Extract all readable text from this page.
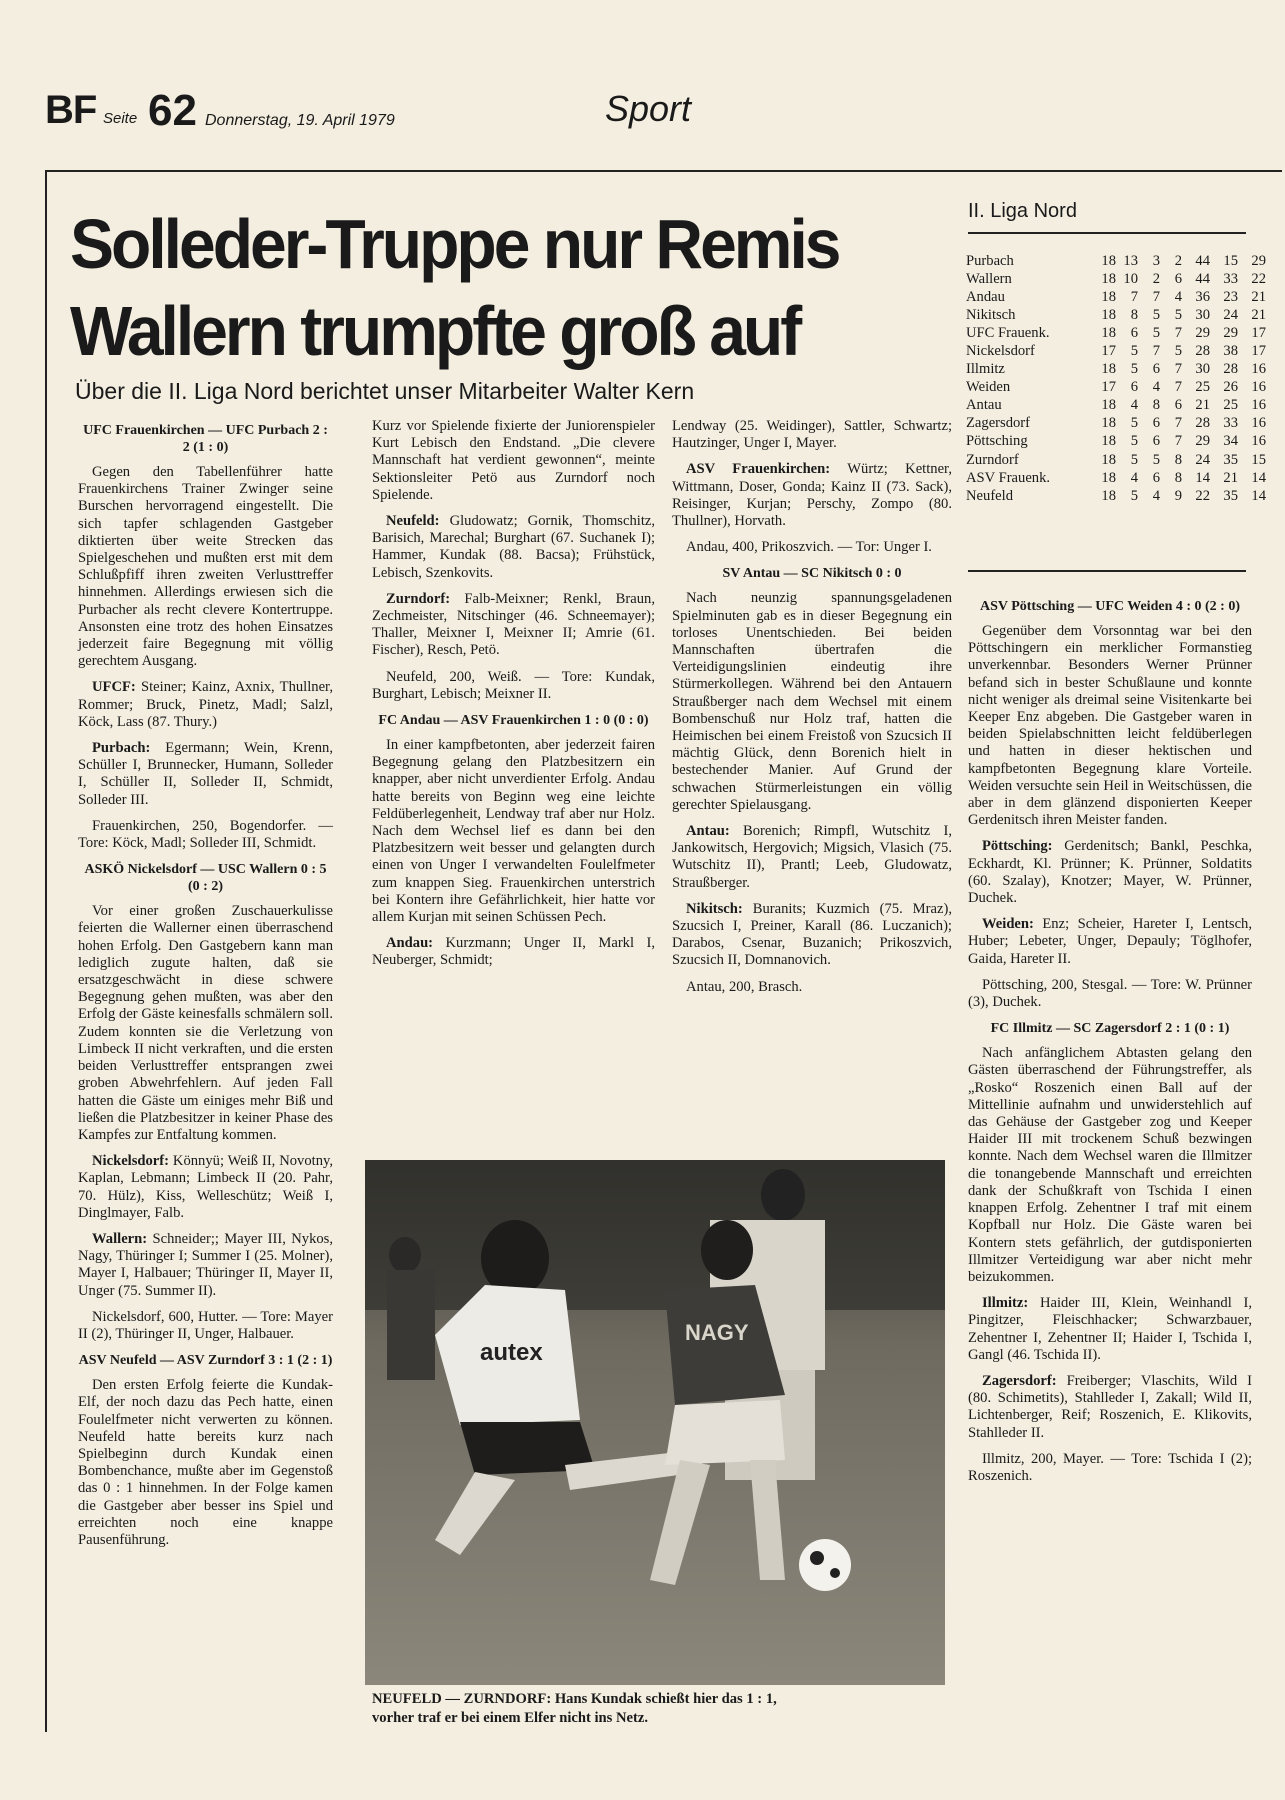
BF Seite 62 Donnerstag, 19. April 1979	Sport
Solleder-Truppe nur Remis
Wallern trumpfte groß auf
Über die II. Liga Nord berichtet unser Mitarbeiter Walter Kern
II. Liga Nord
Purbach	18	13	3	2	44	15	29
Wallern	18	10	2	6	44	33	22
Andau	18	7	7	4	36	23	21
Nikitsch	18	8	5	5	30	24	21
UFC Frauenk.	18	6	5	7	29	29	17
Nickelsdorf	17	5	7	5	28	38	17
Illmitz	18	5	6	7	30	28	16
Weiden	17	6	4	7	25	26	16
Antau	18	4	8	6	21	25	16
Zagersdorf	18	5	6	7	28	33	16
Pöttsching	18	5	6	7	29	34	16
Zurndorf	18	5	5	8	24	35	15
ASV Frauenk.	18	4	6	8	14	21	14
Neufeld	18	5	4	9	22	35	14
UFC Frauenkirchen — UFC Purbach 2 : 2 (1 : 0)

Gegen den Tabellenführer hatte Frauenkirchens Trainer Zwinger seine Burschen hervorragend eingestellt. Die sich tapfer schlagenden Gastgeber diktierten über weite Strecken das Spielgeschehen und mußten erst mit dem Schlußpfiff ihren zweiten Verlusttreffer hinnehmen. Allerdings erwiesen sich die Purbacher als recht clevere Kontertruppe. Ansonsten eine trotz des hohen Einsatzes jederzeit faire Begegnung mit völlig gerechtem Ausgang.

UFCF: Steiner; Kainz, Axnix, Thullner, Rommer; Bruck, Pinetz, Madl; Salzl, Köck, Lass (87. Thury.)

Purbach: Egermann; Wein, Krenn, Schüller I, Brunnecker, Humann, Solleder I, Schüller II, Solleder II, Schmidt, Solleder III.

Frauenkirchen, 250, Bogendorfer. — Tore: Köck, Madl; Solleder III, Schmidt.

ASKÖ Nickelsdorf — USC Wallern 0 : 5 (0 : 2)

Vor einer großen Zuschauerkulisse feierten die Wallerner einen überraschend hohen Erfolg. Den Gastgebern kann man lediglich zugute halten, daß sie ersatzgeschwächt in diese schwere Begegnung gehen mußten, was aber den Erfolg der Gäste keinesfalls schmälern soll. Zudem konnten sie die Verletzung von Limbeck II nicht verkraften, und die ersten beiden Verlusttreffer entsprangen zwei groben Abwehrfehlern. Auf jeden Fall hatten die Gäste um einiges mehr Biß und ließen die Platzbesitzer in keiner Phase des Kampfes zur Entfaltung kommen.

Nickelsdorf: Könnyü; Weiß II, Novotny, Kaplan, Lebmann; Limbeck II (20. Pahr, 70. Hülz), Kiss, Welleschütz; Weiß I, Dinglmayer, Falb.

Wallern: Schneider;; Mayer III, Nykos, Nagy, Thüringer I; Summer I (25. Molner), Mayer I, Halbauer; Thüringer II, Mayer II, Unger (75. Summer II).

Nickelsdorf, 600, Hutter. — Tore: Mayer II (2), Thüringer II, Unger, Halbauer.

ASV Neufeld — ASV Zurndorf 3 : 1 (2 : 1)

Den ersten Erfolg feierte die Kundak-Elf, der noch dazu das Pech hatte, einen Foulelfmeter nicht verwerten zu können. Neufeld hatte bereits kurz nach Spielbeginn durch Kundak einen Bombenchance, mußte aber im Gegenstoß das 0 : 1 hinnehmen. In der Folge kamen die Gastgeber aber besser ins Spiel und erreichten noch eine knappe Pausenführung.

Kurz vor Spielende fixierte der Juniorenspieler Kurt Lebisch den Endstand. „Die clevere Mannschaft hat verdient gewonnen“, meinte Sektionsleiter Petö aus Zurndorf noch Spielende.

Neufeld: Gludowatz; Gornik, Thomschitz, Barisich, Marechal; Burghart (67. Suchanek I); Hammer, Kundak (88. Bacsa); Frühstück, Lebisch, Szenkovits.

Zurndorf: Falb-Meixner; Renkl, Braun, Zechmeister, Nitschinger (46. Schneemayer); Thaller, Meixner I, Meixner II; Amrie (61. Fischer), Resch, Petö.

Neufeld, 200, Weiß. — Tore: Kundak, Burghart, Lebisch; Meixner II.

FC Andau — ASV Frauenkirchen 1 : 0 (0 : 0)

In einer kampfbetonten, aber jederzeit fairen Begegnung gelang den Platzbesitzern ein knapper, aber nicht unverdienter Erfolg. Andau hatte bereits von Beginn weg eine leichte Feldüberlegenheit, Lendway traf aber nur Holz. Nach dem Wechsel lief es dann bei den Platzbesitzern weit besser und gelangten durch einen von Unger I verwandelten Foulelfmeter zum knappen Sieg. Frauenkirchen unterstrich bei Kontern ihre Gefährlichkeit, hier hatte vor allem Kurjan mit seinen Schüssen Pech.

Andau: Kurzmann; Unger II, Markl I, Neuberger, Schmidt;

Lendway (25. Weidinger), Sattler, Schwartz; Hautzinger, Unger I, Mayer.

ASV Frauenkirchen: Würtz; Kettner, Wittmann, Doser, Gonda; Kainz II (73. Sack), Reisinger, Kurjan; Perschy, Zompo (80. Thullner), Horvath.

Andau, 400, Prikoszvich. — Tor: Unger I.

SV Antau — SC Nikitsch 0 : 0

Nach neunzig spannungsgeladenen Spielminuten gab es in dieser Begegnung ein torloses Unentschieden. Bei beiden Mannschaften übertrafen die Verteidigungslinien eindeutig ihre Stürmerkollegen. Während bei den Antauern Straußberger nach dem Wechsel mit einem Bombenschuß nur Holz traf, hatten die Heimischen bei einem Freistoß von Szucsich II mächtig Glück, denn Borenich hielt in bestechender Manier. Auf Grund der schwachen Stürmerleistungen ein völlig gerechter Spielausgang.

Antau: Borenich; Rimpfl, Wutschitz I, Jankowitsch, Hergovich; Migsich, Vlasich (75. Wutschitz II), Prantl; Leeb, Gludowatz, Straußberger.

Nikitsch: Buranits; Kuzmich (75. Mraz), Szucsich I, Preiner, Karall (86. Luczanich); Darabos, Csenar, Buzanich; Prikoszvich, Szucsich II, Domnanovich.

Antau, 200, Brasch.

ASV Pöttsching — UFC Weiden 4 : 0 (2 : 0)

Gegenüber dem Vorsonntag war bei den Pöttschingern ein merklicher Formanstieg unverkennbar. Besonders Werner Prünner befand sich in bester Schußlaune und konnte nicht weniger als dreimal seine Visitenkarte bei Keeper Enz abgeben. Die Gastgeber waren in beiden Spielabschnitten leicht feldüberlegen und hatten in dieser hektischen und kampfbetonten Begegnung klare Vorteile. Weiden versuchte sein Heil in Weitschüssen, die aber in dem glänzend disponierten Keeper Gerdenitsch ihren Meister fanden.

Pöttsching: Gerdenitsch; Bankl, Peschka, Eckhardt, Kl. Prünner; K. Prünner, Soldatits (60. Szalay), Knotzer; Mayer, W. Prünner, Duchek.

Weiden: Enz; Scheier, Hareter I, Lentsch, Huber; Lebeter, Unger, Depauly; Töglhofer, Gaida, Hareter II.

Pöttsching, 200, Stesgal. — Tore: W. Prünner (3), Duchek.

FC Illmitz — SC Zagersdorf 2 : 1 (0 : 1)

Nach anfänglichem Abtasten gelang den Gästen überraschend der Führungstreffer, als „Rosko“ Roszenich einen Ball auf der Mittellinie aufnahm und unwiderstehlich auf das Gehäuse der Gastgeber zog und Keeper Haider III mit trockenem Schuß bezwingen konnte. Nach dem Wechsel waren die Illmitzer die tonangebende Mannschaft und erreichten dank der Schußkraft von Tschida I einen knappen Erfolg. Zehentner I traf mit einem Kopfball nur Holz. Die Gäste waren bei Kontern stets gefährlich, der gutdisponierten Illmitzer Verteidigung war aber nicht mehr beizukommen.

Illmitz: Haider III, Klein, Weinhandl I, Pingitzer, Fleischhacker; Schwarzbauer, Zehentner I, Zehentner II; Haider I, Tschida I, Gangl (46. Tschida II).

Zagersdorf: Freiberger; Vlaschits, Wild I (80. Schimetits), Stahlleder I, Zakall; Wild II, Lichtenberger, Reif; Roszenich, E. Klikovits, Stahlleder II.

Illmitz, 200, Mayer. — Tore: Tschida I (2); Roszenich.

autex
NAGY
NEUFELD — ZURNDORF: Hans Kundak schießt hier das 1 : 1,
vorher traf er bei einem Elfer nicht ins Netz.
